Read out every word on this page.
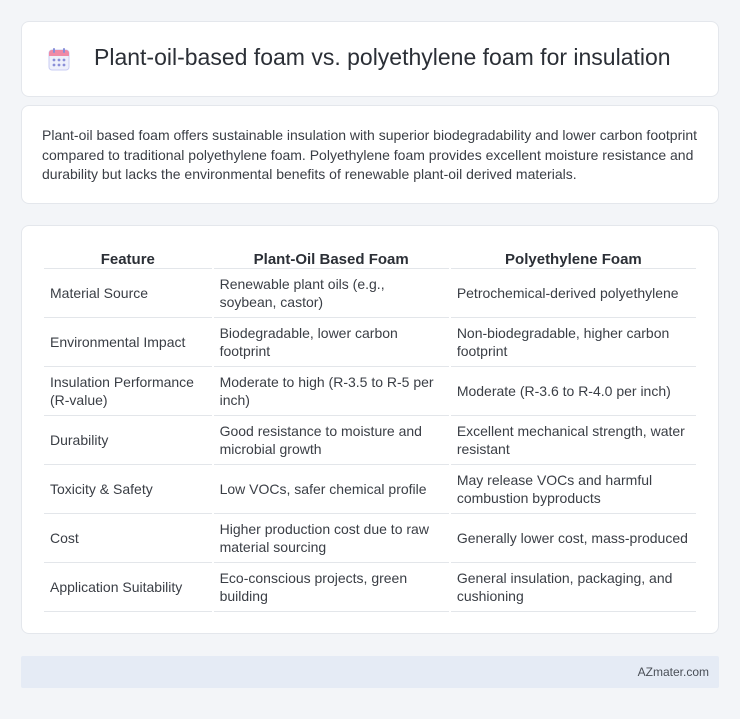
Plant-oil-based foam vs. polyethylene foam for insulation

Plant-oil based foam offers sustainable insulation with superior biodegradability and lower carbon footprint compared to traditional polyethylene foam. Polyethylene foam provides excellent moisture resistance and durability but lacks the environmental benefits of renewable plant-oil derived materials.

Feature	Plant-Oil Based Foam	Polyethylene Foam
Material Source	Renewable plant oils (e.g., soybean, castor)	Petrochemical-derived polyethylene
Environmental Impact	Biodegradable, lower carbon footprint	Non-biodegradable, higher carbon footprint
Insulation Performance (R-value)	Moderate to high (R-3.5 to R-5 per inch)	Moderate (R-3.6 to R-4.0 per inch)
Durability	Good resistance to moisture and microbial growth	Excellent mechanical strength, water resistant
Toxicity & Safety	Low VOCs, safer chemical profile	May release VOCs and harmful combustion byproducts
Cost	Higher production cost due to raw material sourcing	Generally lower cost, mass-produced
Application Suitability	Eco-conscious projects, green building	General insulation, packaging, and cushioning
AZmater.com
